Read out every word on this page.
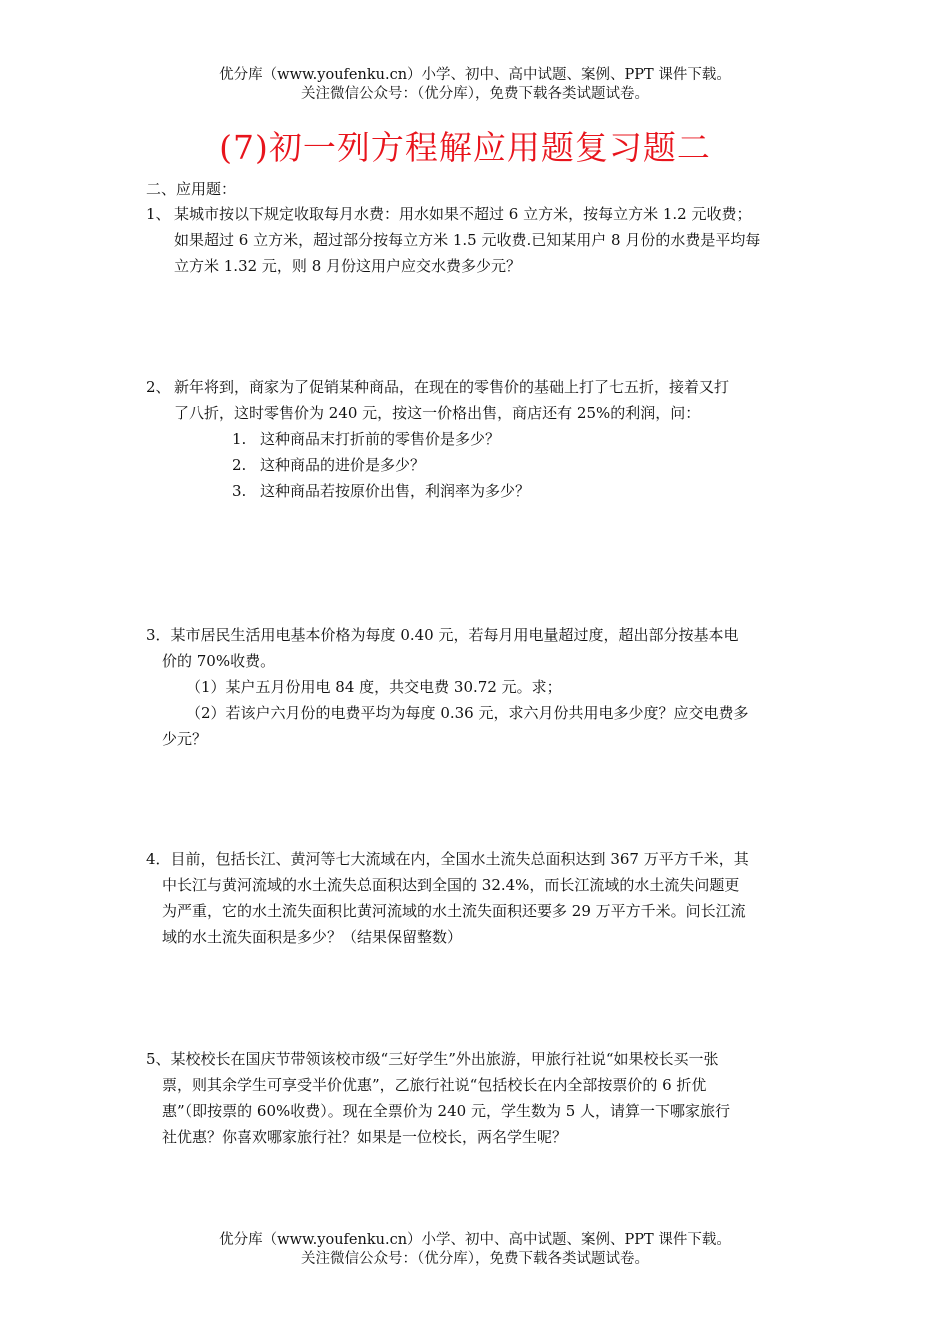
优分库（www.youfenku.cn）小学、初中、高中试题、案例、PPT 课件下载。
关注微信公众号：（优分库），免费下载各类试题试卷。
(7)初一列方程解应用题复习题二
二、应用题：
1、 某城市按以下规定收取每月水费：用水如果不超过 6 立方米，按每立方米 1.2 元收费；
如果超过 6 立方米，超过部分按每立方米 1.5 元收费.已知某用户 8 月份的水费是平均每
立方米 1.32 元，则 8 月份这用户应交水费多少元？
2、 新年将到，商家为了促销某种商品，在现在的零售价的基础上打了七五折，接着又打
了八折，这时零售价为 240 元，按这一价格出售，商店还有 25%的利润，问：
1. 这种商品末打折前的零售价是多少？
2. 这种商品的进价是多少？
3. 这种商品若按原价出售，利润率为多少？
3．某市居民生活用电基本价格为每度 0.40 元，若每月用电量超过度，超出部分按基本电
价的 70%收费。
（1）某户五月份用电 84 度，共交电费 30.72 元。求；
（2）若该户六月份的电费平均为每度 0.36 元，求六月份共用电多少度？应交电费多
少元？
4．目前，包括长江、黄河等七大流域在内，全国水土流失总面积达到 367 万平方千米，其
中长江与黄河流域的水土流失总面积达到全国的 32.4%，而长江流域的水土流失问题更
为严重，它的水土流失面积比黄河流域的水土流失面积还要多 29 万平方千米。问长江流
域的水土流失面积是多少？（结果保留整数）
5、某校校长在国庆节带领该校市级“三好学生”外出旅游，甲旅行社说“如果校长买一张
票，则其余学生可享受半价优惠”，乙旅行社说“包括校长在内全部按票价的 6 折优
惠”（即按票的 60%收费）。现在全票价为 240 元，学生数为 5 人，请算一下哪家旅行
社优惠？你喜欢哪家旅行社？如果是一位校长，两名学生呢？
优分库（www.youfenku.cn）小学、初中、高中试题、案例、PPT 课件下载。
关注微信公众号：（优分库），免费下载各类试题试卷。
